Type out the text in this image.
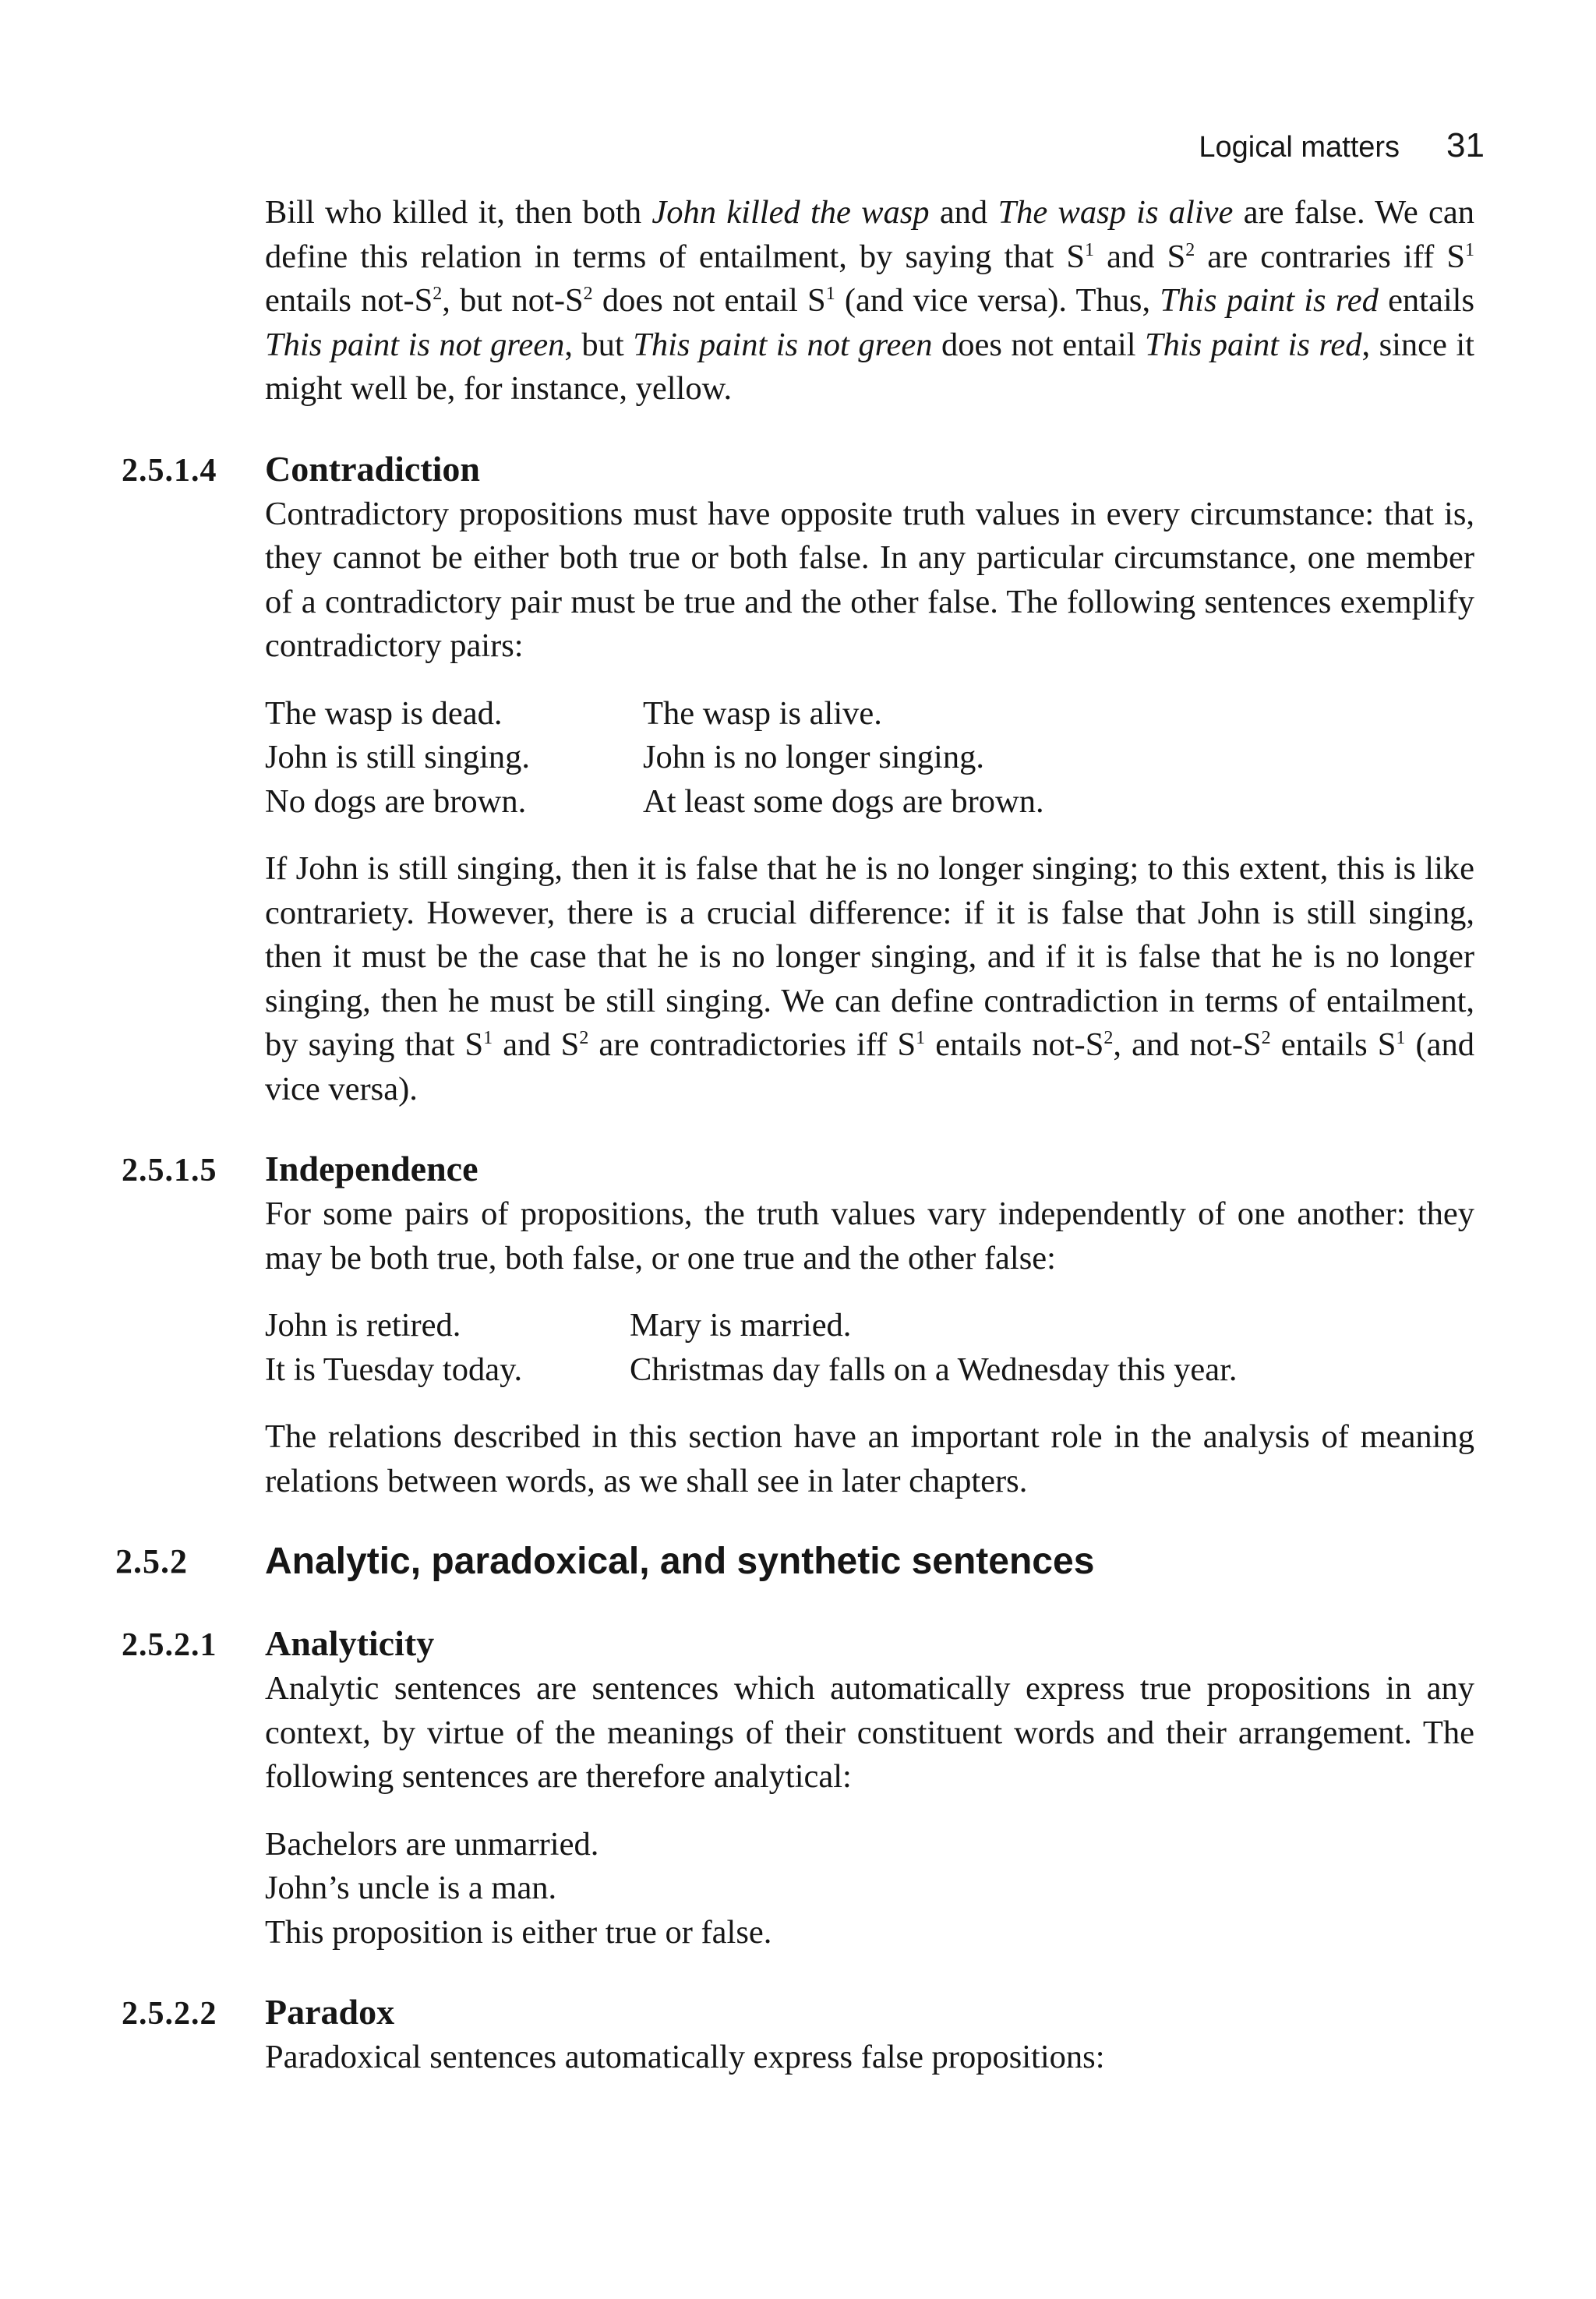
Logical matters 31

Bill who killed it, then both John killed the wasp and The wasp is alive are false. We can define this relation in terms of entailment, by saying that $S^1$ and $S^2$ are contraries iff $S^1$ entails not-$S^2$, but not-$S^2$ does not entail $S^1$ (and vice versa). Thus, This paint is red entails This paint is not green, but This paint is not green does not entail This paint is red, since it might well be, for instance, yellow.

2.5.1.4 Contradiction

Contradictory propositions must have opposite truth values in every circumstance: that is, they cannot be either both true or both false. In any particular circumstance, one member of a contradictory pair must be true and the other false. The following sentences exemplify contradictory pairs:

The wasp is dead.	The wasp is alive.
John is still singing.	John is no longer singing.
No dogs are brown.	At least some dogs are brown.

If John is still singing, then it is false that he is no longer singing; to this extent, this is like contrariety. However, there is a crucial difference: if it is false that John is still singing, then it must be the case that he is no longer singing, and if it is false that he is no longer singing, then he must be still singing. We can define contradiction in terms of entailment, by saying that $S^1$ and $S^2$ are contradictories iff $S^1$ entails not-$S^2$, and not-$S^2$ entails $S^1$ (and vice versa).

2.5.1.5 Independence

For some pairs of propositions, the truth values vary independently of one another: they may be both true, both false, or one true and the other false:

John is retired.	Mary is married.
It is Tuesday today.	Christmas day falls on a Wednesday this year.

The relations described in this section have an important role in the analysis of meaning relations between words, as we shall see in later chapters.

2.5.2 Analytic, paradoxical, and synthetic sentences
2.5.2.1 Analyticity

Analytic sentences are sentences which automatically express true propositions in any context, by virtue of the meanings of their constituent words and their arrangement. The following sentences are therefore analytical:

Bachelors are unmarried.
John’s uncle is a man.
This proposition is either true or false.
2.5.2.2 Paradox

Paradoxical sentences automatically express false propositions:
